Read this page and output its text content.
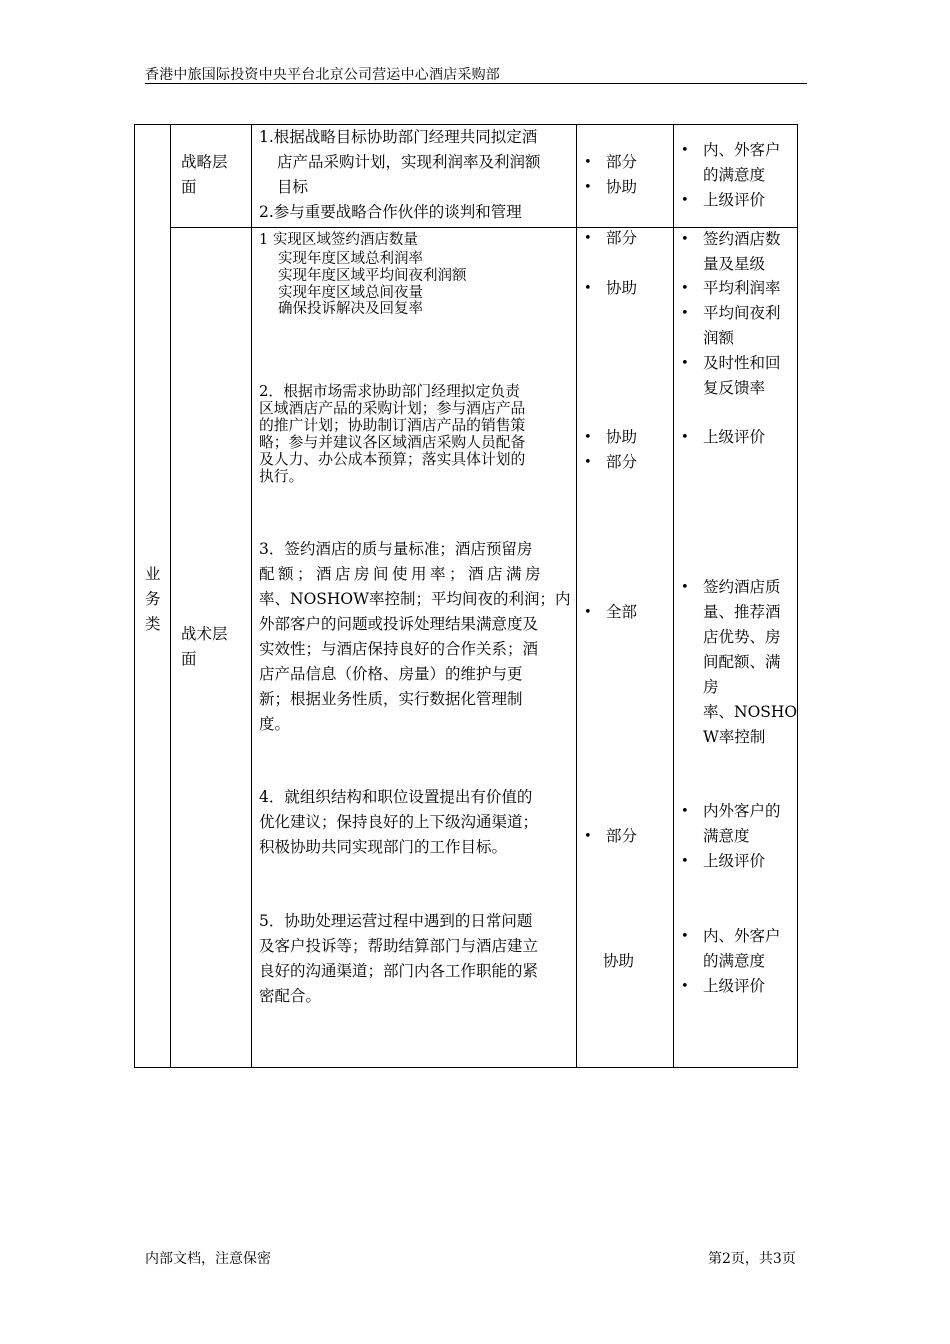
香港中旅国际投资中央平台北京公司营运中心酒店采购部
业
务
类
战略层
面
1.根据战略目标协助部门经理共同拟定酒
店产品采购计划，实现利润率及利润额
目标
2.参与重要战略合作伙伴的谈判和管理
• 部分
• 协助
• 内、外客户
的满意度
• 上级评价
战术层
面
1 实现区域签约酒店数量
实现年度区域总利润率
实现年度区域平均间夜利润额
实现年度区域总间夜量
确保投诉解决及回复率
• 部分
• 协助
• 签约酒店数
量及星级
• 平均利润率
• 平均间夜利
润额
• 及时性和回
复反馈率
2．根据市场需求协助部门经理拟定负责
区域酒店产品的采购计划；参与酒店产品
的推广计划；协助制订酒店产品的销售策
略；参与并建议各区域酒店采购人员配备
及人力、办公成本预算；落实具体计划的
执行。
• 协助
• 部分
• 上级评价
3．签约酒店的质与量标准；酒店预留房
配额；酒店房间使用率；酒店满房
率、NOSHOW率控制；平均间夜的利润；内
外部客户的问题或投诉处理结果满意度及
实效性；与酒店保持良好的合作关系；酒
店产品信息（价格、房量）的维护与更
新；根据业务性质，实行数据化管理制
度。
• 全部
• 签约酒店质
量、推荐酒
店优势、房
间配额、满
房
率、NOSHO
W率控制
4．就组织结构和职位设置提出有价值的
优化建议；保持良好的上下级沟通渠道；
积极协助共同实现部门的工作目标。
• 部分
• 内外客户的
满意度
• 上级评价
5．协助处理运营过程中遇到的日常问题
及客户投诉等；帮助结算部门与酒店建立
良好的沟通渠道；部门内各工作职能的紧
密配合。
协助
• 内、外客户
的满意度
• 上级评价
内部文档，注意保密	第2页，共3页
